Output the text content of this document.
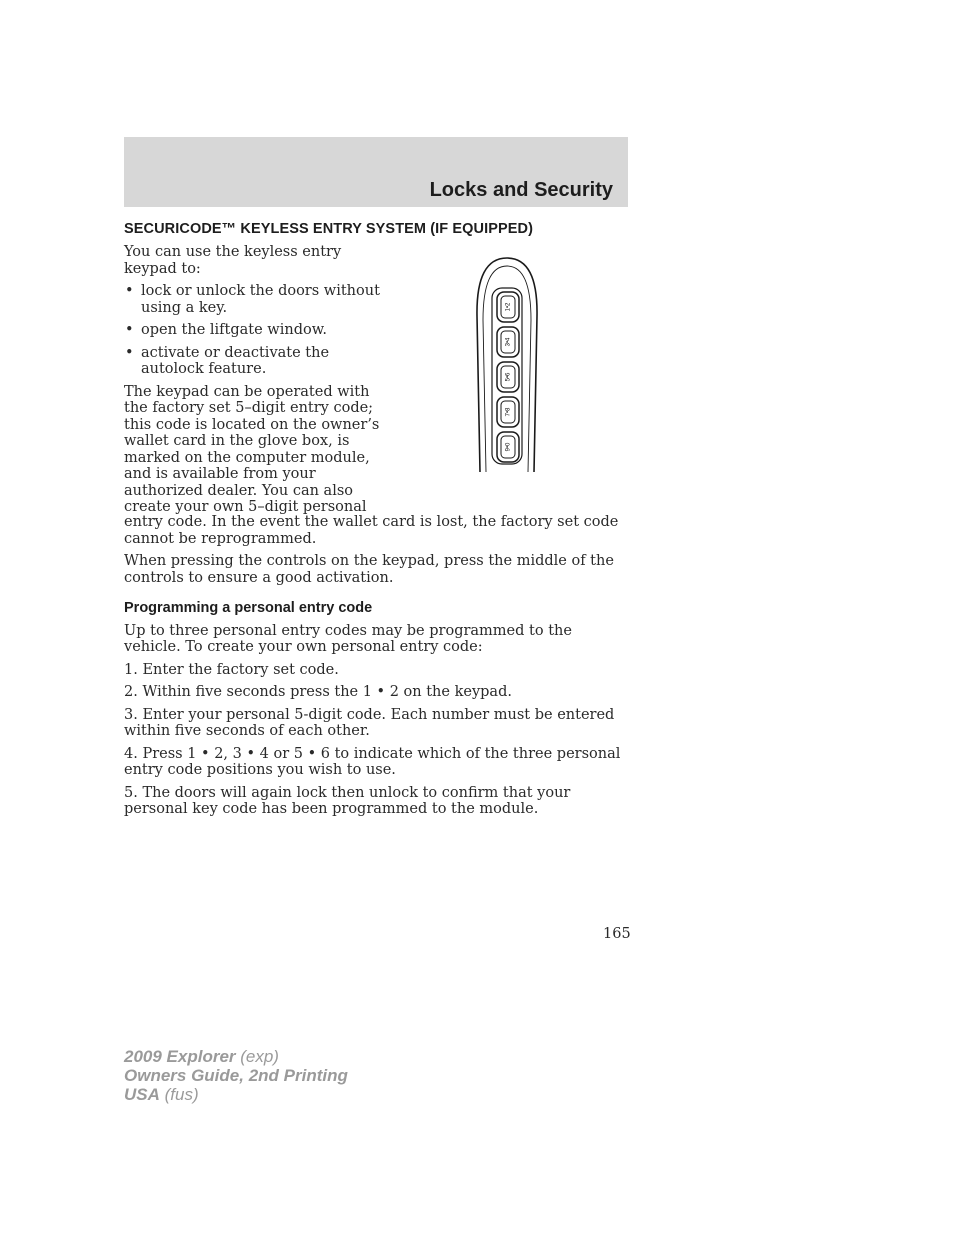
Locks and Security
SECURICODE™ KEYLESS ENTRY SYSTEM (IF EQUIPPED)

You can use the keyless entry keypad to:

• lock or unlock the doors without using a key.
• open the liftgate window.
• activate or deactivate the autolock feature.

The keypad can be operated with the factory set 5–digit entry code; this code is located on the owner’s wallet card in the glove box, is marked on the computer module, and is available from your authorized dealer. You can also create your own 5–digit personal

1•2
3•4
5•6
7•8
9•0

entry code. In the event the wallet card is lost, the factory set code cannot be reprogrammed.

When pressing the controls on the keypad, press the middle of the controls to ensure a good activation.

Programming a personal entry code

Up to three personal entry codes may be programmed to the vehicle. To create your own personal entry code:

1. Enter the factory set code.

2. Within five seconds press the 1 • 2 on the keypad.

3. Enter your personal 5-digit code. Each number must be entered within five seconds of each other.

4. Press 1 • 2, 3 • 4 or 5 • 6 to indicate which of the three personal entry code positions you wish to use.

5. The doors will again lock then unlock to confirm that your personal key code has been programmed to the module.

165
2009 Explorer (exp)
Owners Guide, 2nd Printing
USA (fus)
